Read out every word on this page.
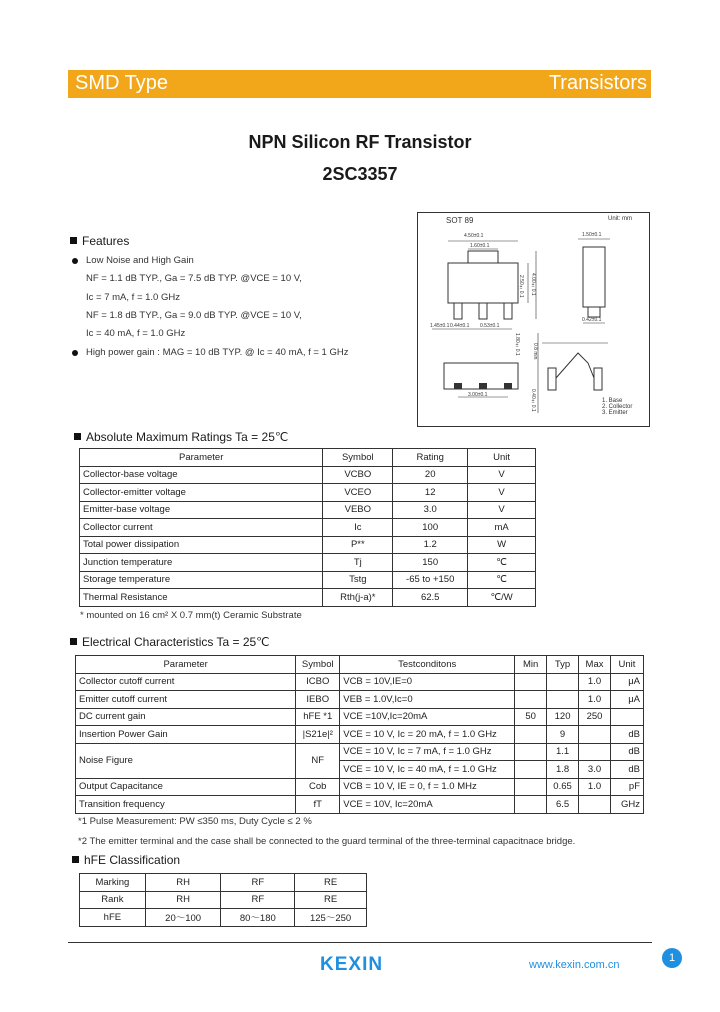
SMD Type	Transistors
NPN Silicon RF Transistor
2SC3357
Features
Low Noise and High Gain
NF = 1.1 dB TYP., Ga = 7.5 dB TYP. @VCE = 10 V,
Ic = 7 mA, f = 1.0 GHz
NF = 1.8 dB TYP., Ga = 9.0 dB TYP. @VCE = 10 V,
Ic = 40 mA, f = 1.0 GHz
High power gain : MAG = 10 dB TYP. @ Ic = 40 mA, f = 1 GHz
SOT 89	Unit: mm
4.50±0.1
1.60±0.1
2.50±0.1 4.00±0.1
1.50±0.1
1.45±0.1 0.44±0.1 0.53±0.1
1.80±0.1
0.42±0.1
0.8 min
3.00±0.1	0.40±0.1	1. Base
2. Collector
3. Emitter
Absolute Maximum Ratings Ta = 25℃
Parameter	Symbol	Rating	Unit
Collector-base voltage	VCBO	20	V
Collector-emitter voltage	VCEO	12	V
Emitter-base voltage	VEBO	3.0	V
Collector current	Ic	100	mA
Total power dissipation	P**	1.2	W
Junction temperature	Tj	150	℃
Storage temperature	Tstg	-65 to +150	℃
Thermal Resistance	Rth(j-a)*	62.5	℃/W
* mounted on 16 cm² X 0.7 mm(t) Ceramic Substrate
Electrical Characteristics Ta = 25℃
Parameter	Symbol	Testconditons	Min	Typ	Max	Unit
Collector cutoff current	ICBO	VCB = 10V,IE=0			1.0	μA
Emitter cutoff current	IEBO	VEB = 1.0V,Ic=0			1.0	μA
DC current gain	hFE *1	VCE =10V,Ic=20mA	50	120	250	
Insertion Power Gain	|S21e|²	VCE = 10 V, Ic = 20 mA, f = 1.0 GHz		9		dB
Noise Figure	NF	VCE = 10 V, Ic = 7 mA, f = 1.0 GHz		1.1		dB
		VCE = 10 V, Ic = 40 mA, f = 1.0 GHz		1.8	3.0	dB
Output Capacitance	Cob	VCB = 10 V, IE = 0, f = 1.0 MHz		0.65	1.0	pF
Transition frequency	fT	VCE = 10V, Ic=20mA		6.5		GHz
*1 Pulse Measurement: PW ≤350 ms, Duty Cycle ≤ 2 %
*2 The emitter terminal and the case shall be connected to the guard terminal of the three-terminal capacitnace bridge.
hFE Classification
Marking	RH	RF	RE
Rank	RH	RF	RE
hFE	20～100	80～180	125～250
KEXIN	www.kexin.com.cn
1
